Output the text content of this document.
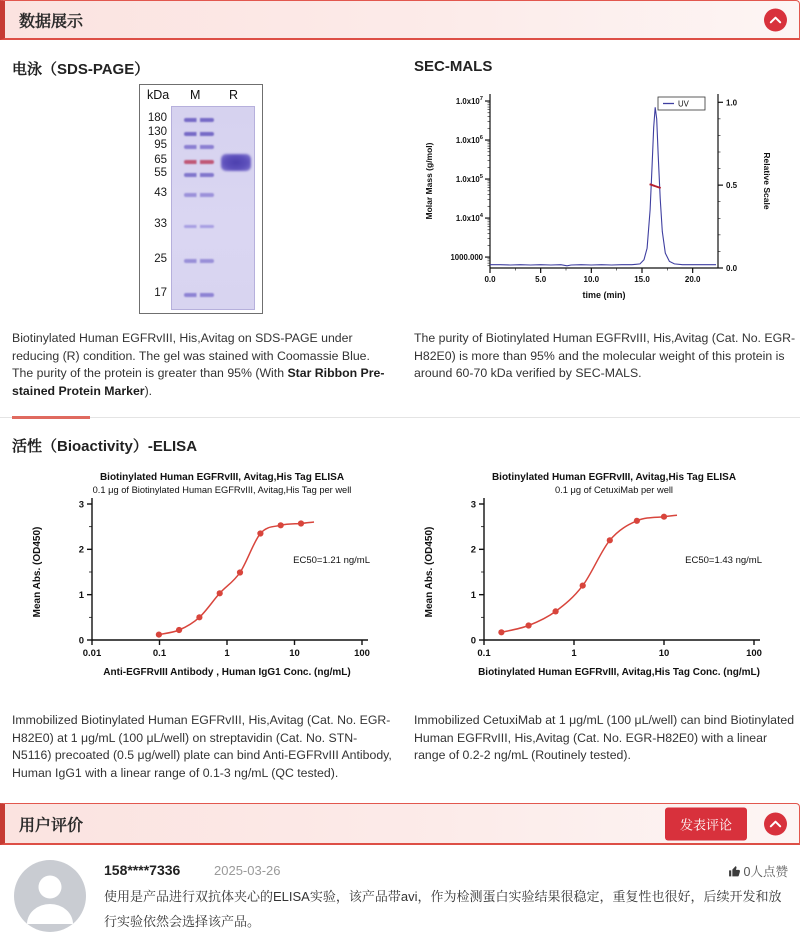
数据展示
电泳（SDS-PAGE）
kDa M R
180
130
95
65
55
43
33
25
17

Biotinylated Human EGFRvIII, His,Avitag on SDS-PAGE under reducing (R) condition. The gel was stained with Coomassie Blue. The purity of the protein is greater than 95% (With Star Ribbon Pre-stained Protein Marker).

SEC-MALS
$1.0x10^7$
$1.0x10^6$
$1.0x10^5$
$1.0x10^4$
1000.000
0.0	5.0	10.0	15.0	20.0
0.0
0.5
1.0
Molar Mass (g/mol)	Relative Scale
time (min)
UV

The purity of Biotinylated Human EGFRvIII, His,Avitag (Cat. No. EGR-H82E0) is more than 95% and the molecular weight of this protein is around 60-70 kDa verified by SEC-MALS.

活性（Bioactivity）-ELISA
Biotinylated Human EGFRvIII, Avitag,His Tag ELISA
0.1 μg of Biotinylated Human EGFRvIII, Avitag,His Tag per well
0
1
2
3
0.01	0.1	1	10	100
EC50=1.21 ng/mL
Mean Abs. (OD450)
Anti-EGFRvIII Antibody , Human IgG1 Conc. (ng/mL)
Biotinylated Human EGFRvIII, Avitag,His Tag ELISA
0.1 μg of CetuxiMab per well
0
1
2
3
0.1	1	10	100
EC50=1.43 ng/mL
Mean Abs. (OD450)
Biotinylated Human EGFRvIII, Avitag,His Tag Conc. (ng/mL)

Immobilized Biotinylated Human EGFRvIII, His,Avitag (Cat. No. EGR-H82E0) at 1 μg/mL (100 μL/well) on streptavidin (Cat. No. STN-N5116) precoated (0.5 μg/well) plate can bind Anti-EGFRvIII Antibody, Human IgG1 with a linear range of 0.1-3 ng/mL (QC tested).

Immobilized CetuxiMab at 1 μg/mL (100 μL/well) can bind Biotinylated Human EGFRvIII, His,Avitag (Cat. No. EGR-H82E0) with a linear range of 0.2-2 ng/mL (Routinely tested).

用户评价	发表评论
158****7336	2025-03-26	0人点赞
使用是产品进行双抗体夹心的ELISA实验，该产品带avi，作为检测蛋白实验结果很稳定，重复性也很好，后续开发和放行实验依然会选择该产品。
